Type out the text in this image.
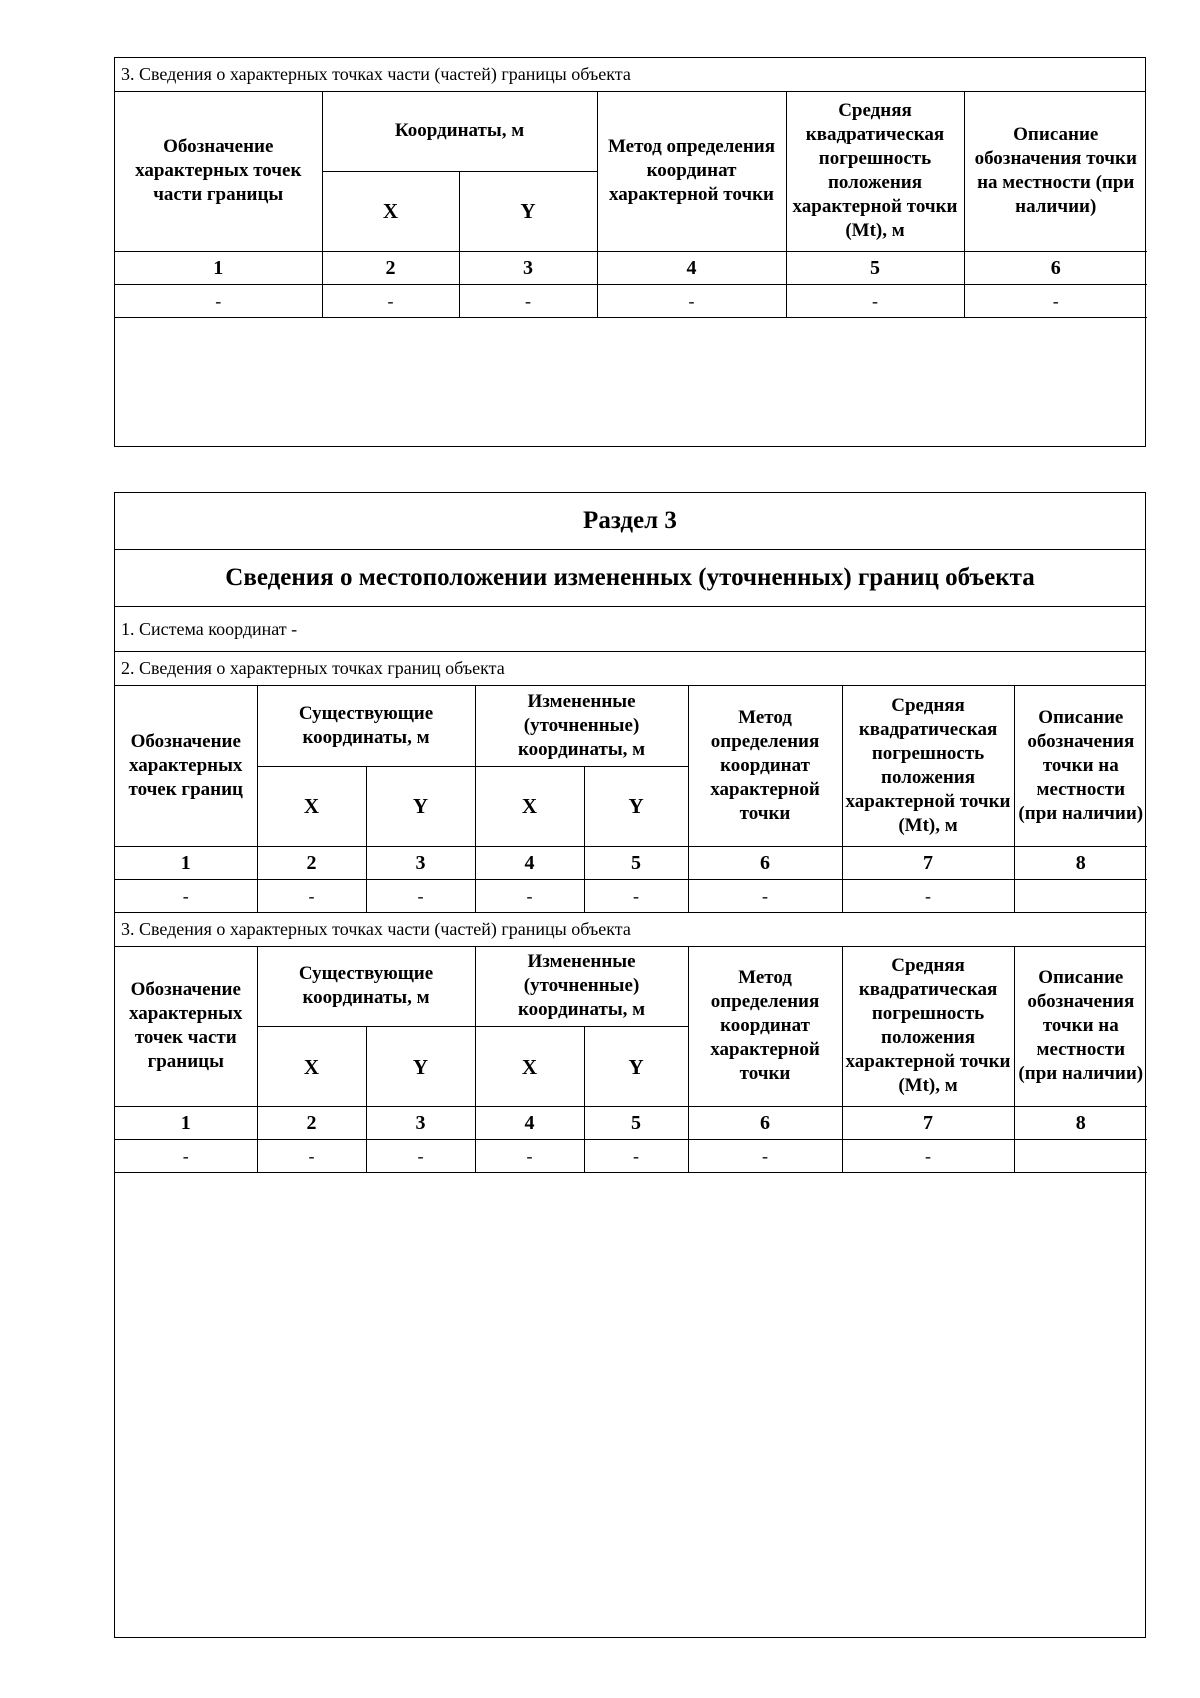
3. Сведения о характерных точках части (частей) границы объекта
Обозначение характерных точек части границы	Координаты, м		Метод определения координат характерной точки	Средняя квадратическая погрешность положения характерной точки (Mt), м	Описание обозначения точки на местности (при наличии)
	X	Y			
1	2	3	4	5	6
-	-	-	-	-	-
Раздел 3
Сведения о местоположении измененных (уточненных) границ объекта
1. Система координат -
2. Сведения о характерных точках границ объекта
Обозначение характерных точек границ	Существующие координаты, м		Измененные (уточненные) координаты, м		Метод определения координат характерной точки	Средняя квадратическая погрешность положения характерной точки (Mt), м	Описание обозначения точки на местности (при наличии)
	X	Y	X	Y			
1	2	3	4	5	6	7	8
-	-	-	-	-	-	-	
3. Сведения о характерных точках части (частей) границы объекта
Обозначение характерных точек части границы	Существующие координаты, м		Измененные (уточненные) координаты, м		Метод определения координат характерной точки	Средняя квадратическая погрешность положения характерной точки (Mt), м	Описание обозначения точки на местности (при наличии)
	X	Y	X	Y			
1	2	3	4	5	6	7	8
-	-	-	-	-	-	-	
